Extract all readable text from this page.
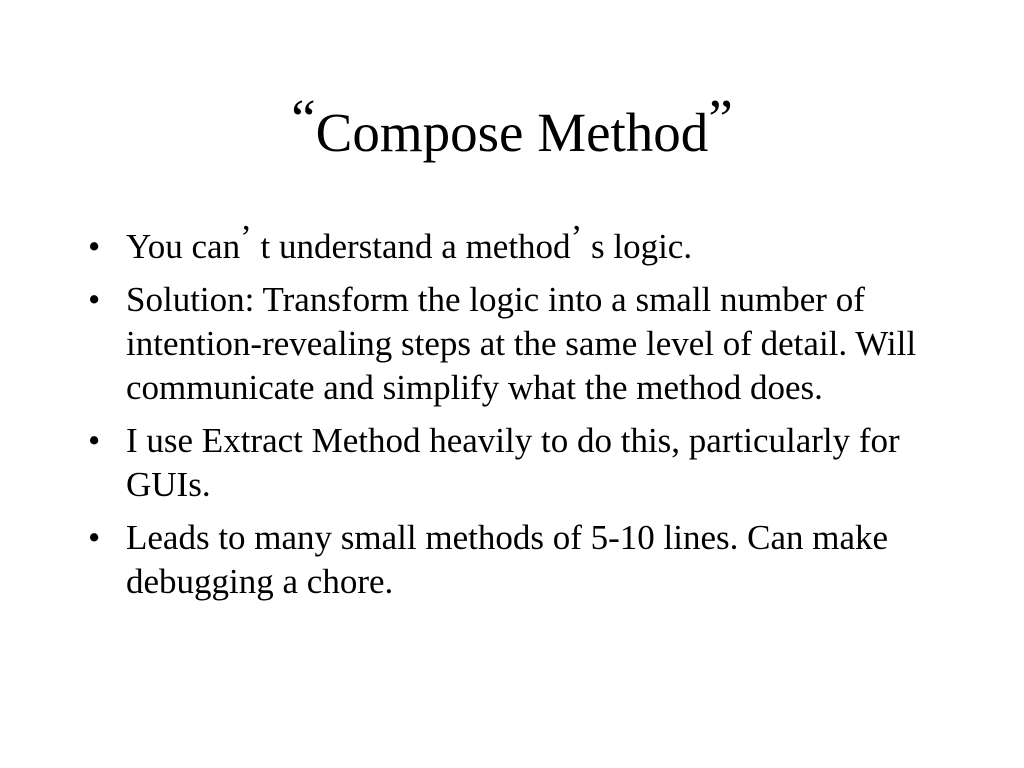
“Compose Method”
• You can’ t understand a method’ s logic.
• Solution: Transform the logic into a small number of intention-revealing steps at the same level of detail. Will communicate and simplify what the method does.
• I use Extract Method heavily to do this, particularly for GUIs.
• Leads to many small methods of 5-10 lines. Can make debugging a chore.
